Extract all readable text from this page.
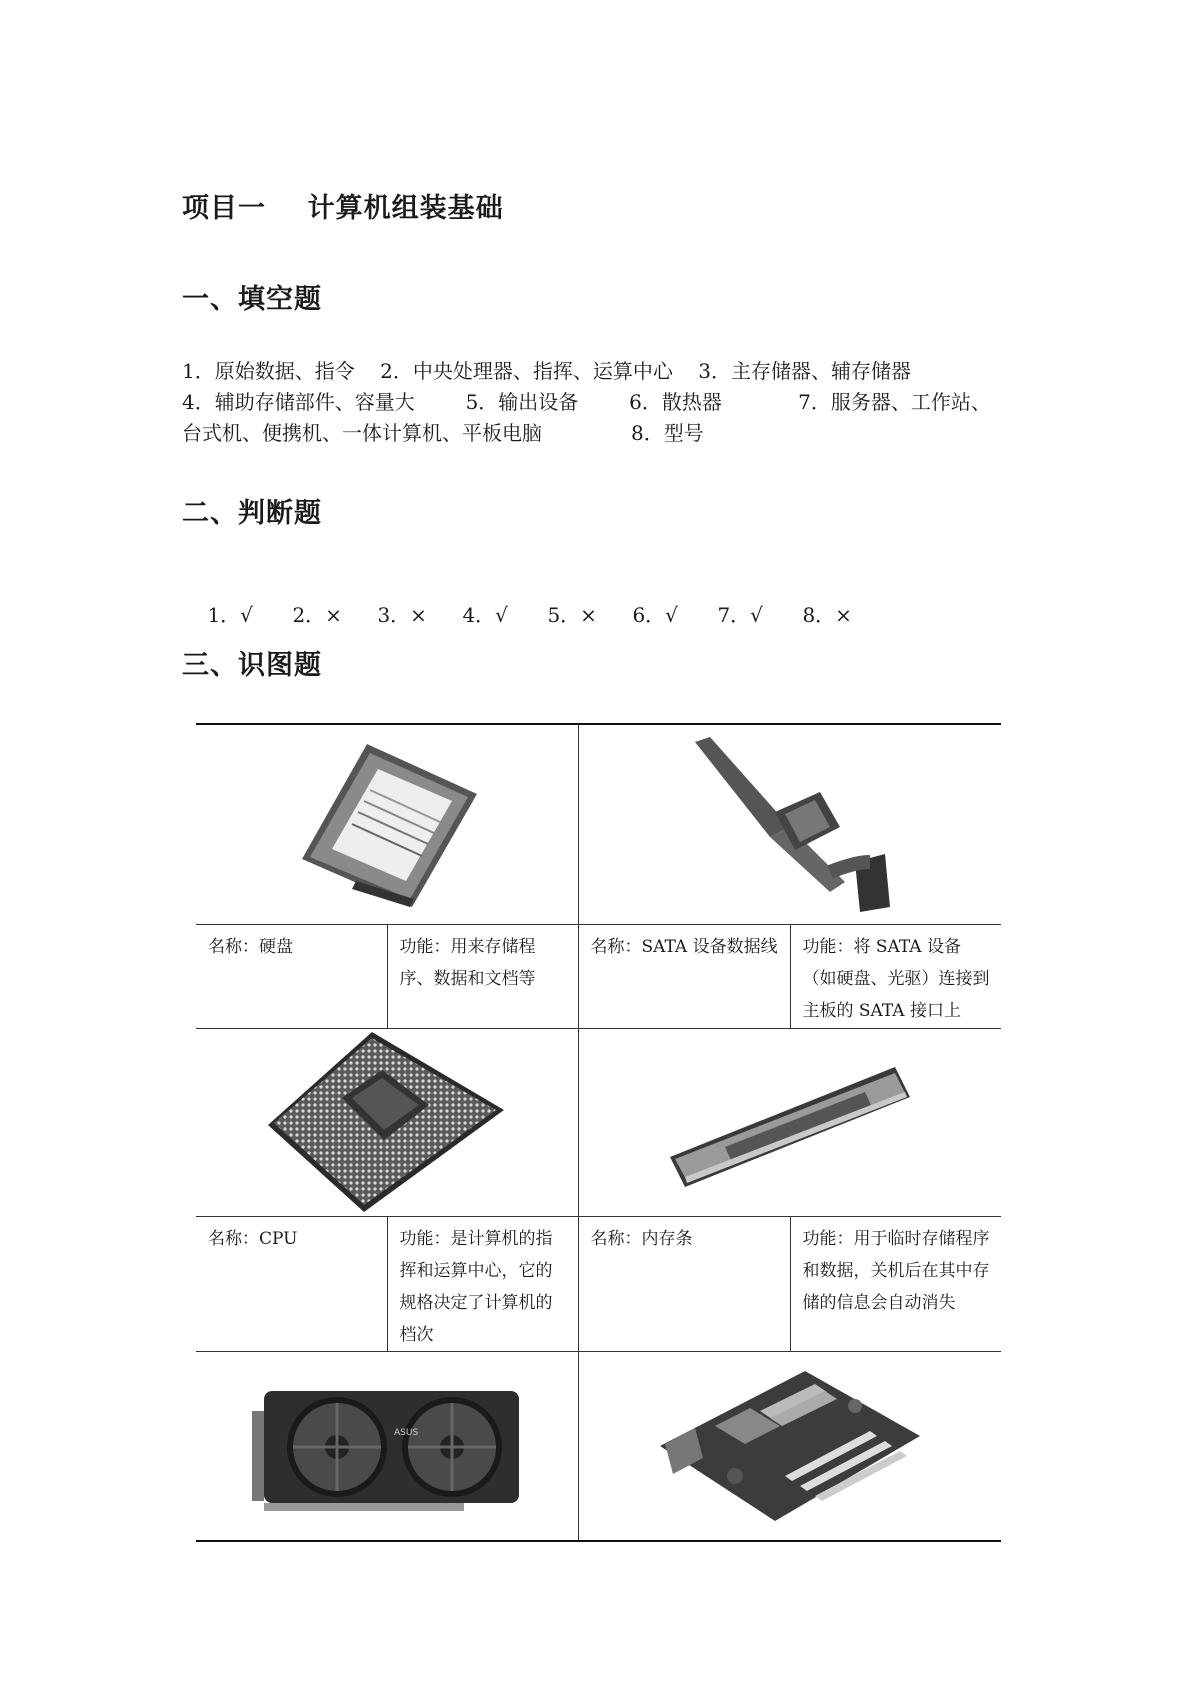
项目一    计算机组装基础
一、填空题
1．原始数据、指令    2．中央处理器、指挥、运算中心    3．主存储器、辅存储器
4．辅助存储部件、容量大        5．输出设备        6．散热器            7．服务器、工作站、
台式机、便携机、一体计算机、平板电脑              8．型号
二、判断题

1．√ 2．× 3．× 4．√ 5．× 6．√ 7．√ 8．×

三、识图题

名称：硬盘	功能：用来存储程序、数据和文档等	名称：SATA 设备数据线	功能：将 SATA 设备（如硬盘、光驱）连接到主板的 SATA 接口上

名称：CPU	功能：是计算机的指挥和运算中心，它的规格决定了计算机的档次	名称：内存条	功能：用于临时存储程序和数据，关机后在其中存储的信息会自动消失

ASUS
